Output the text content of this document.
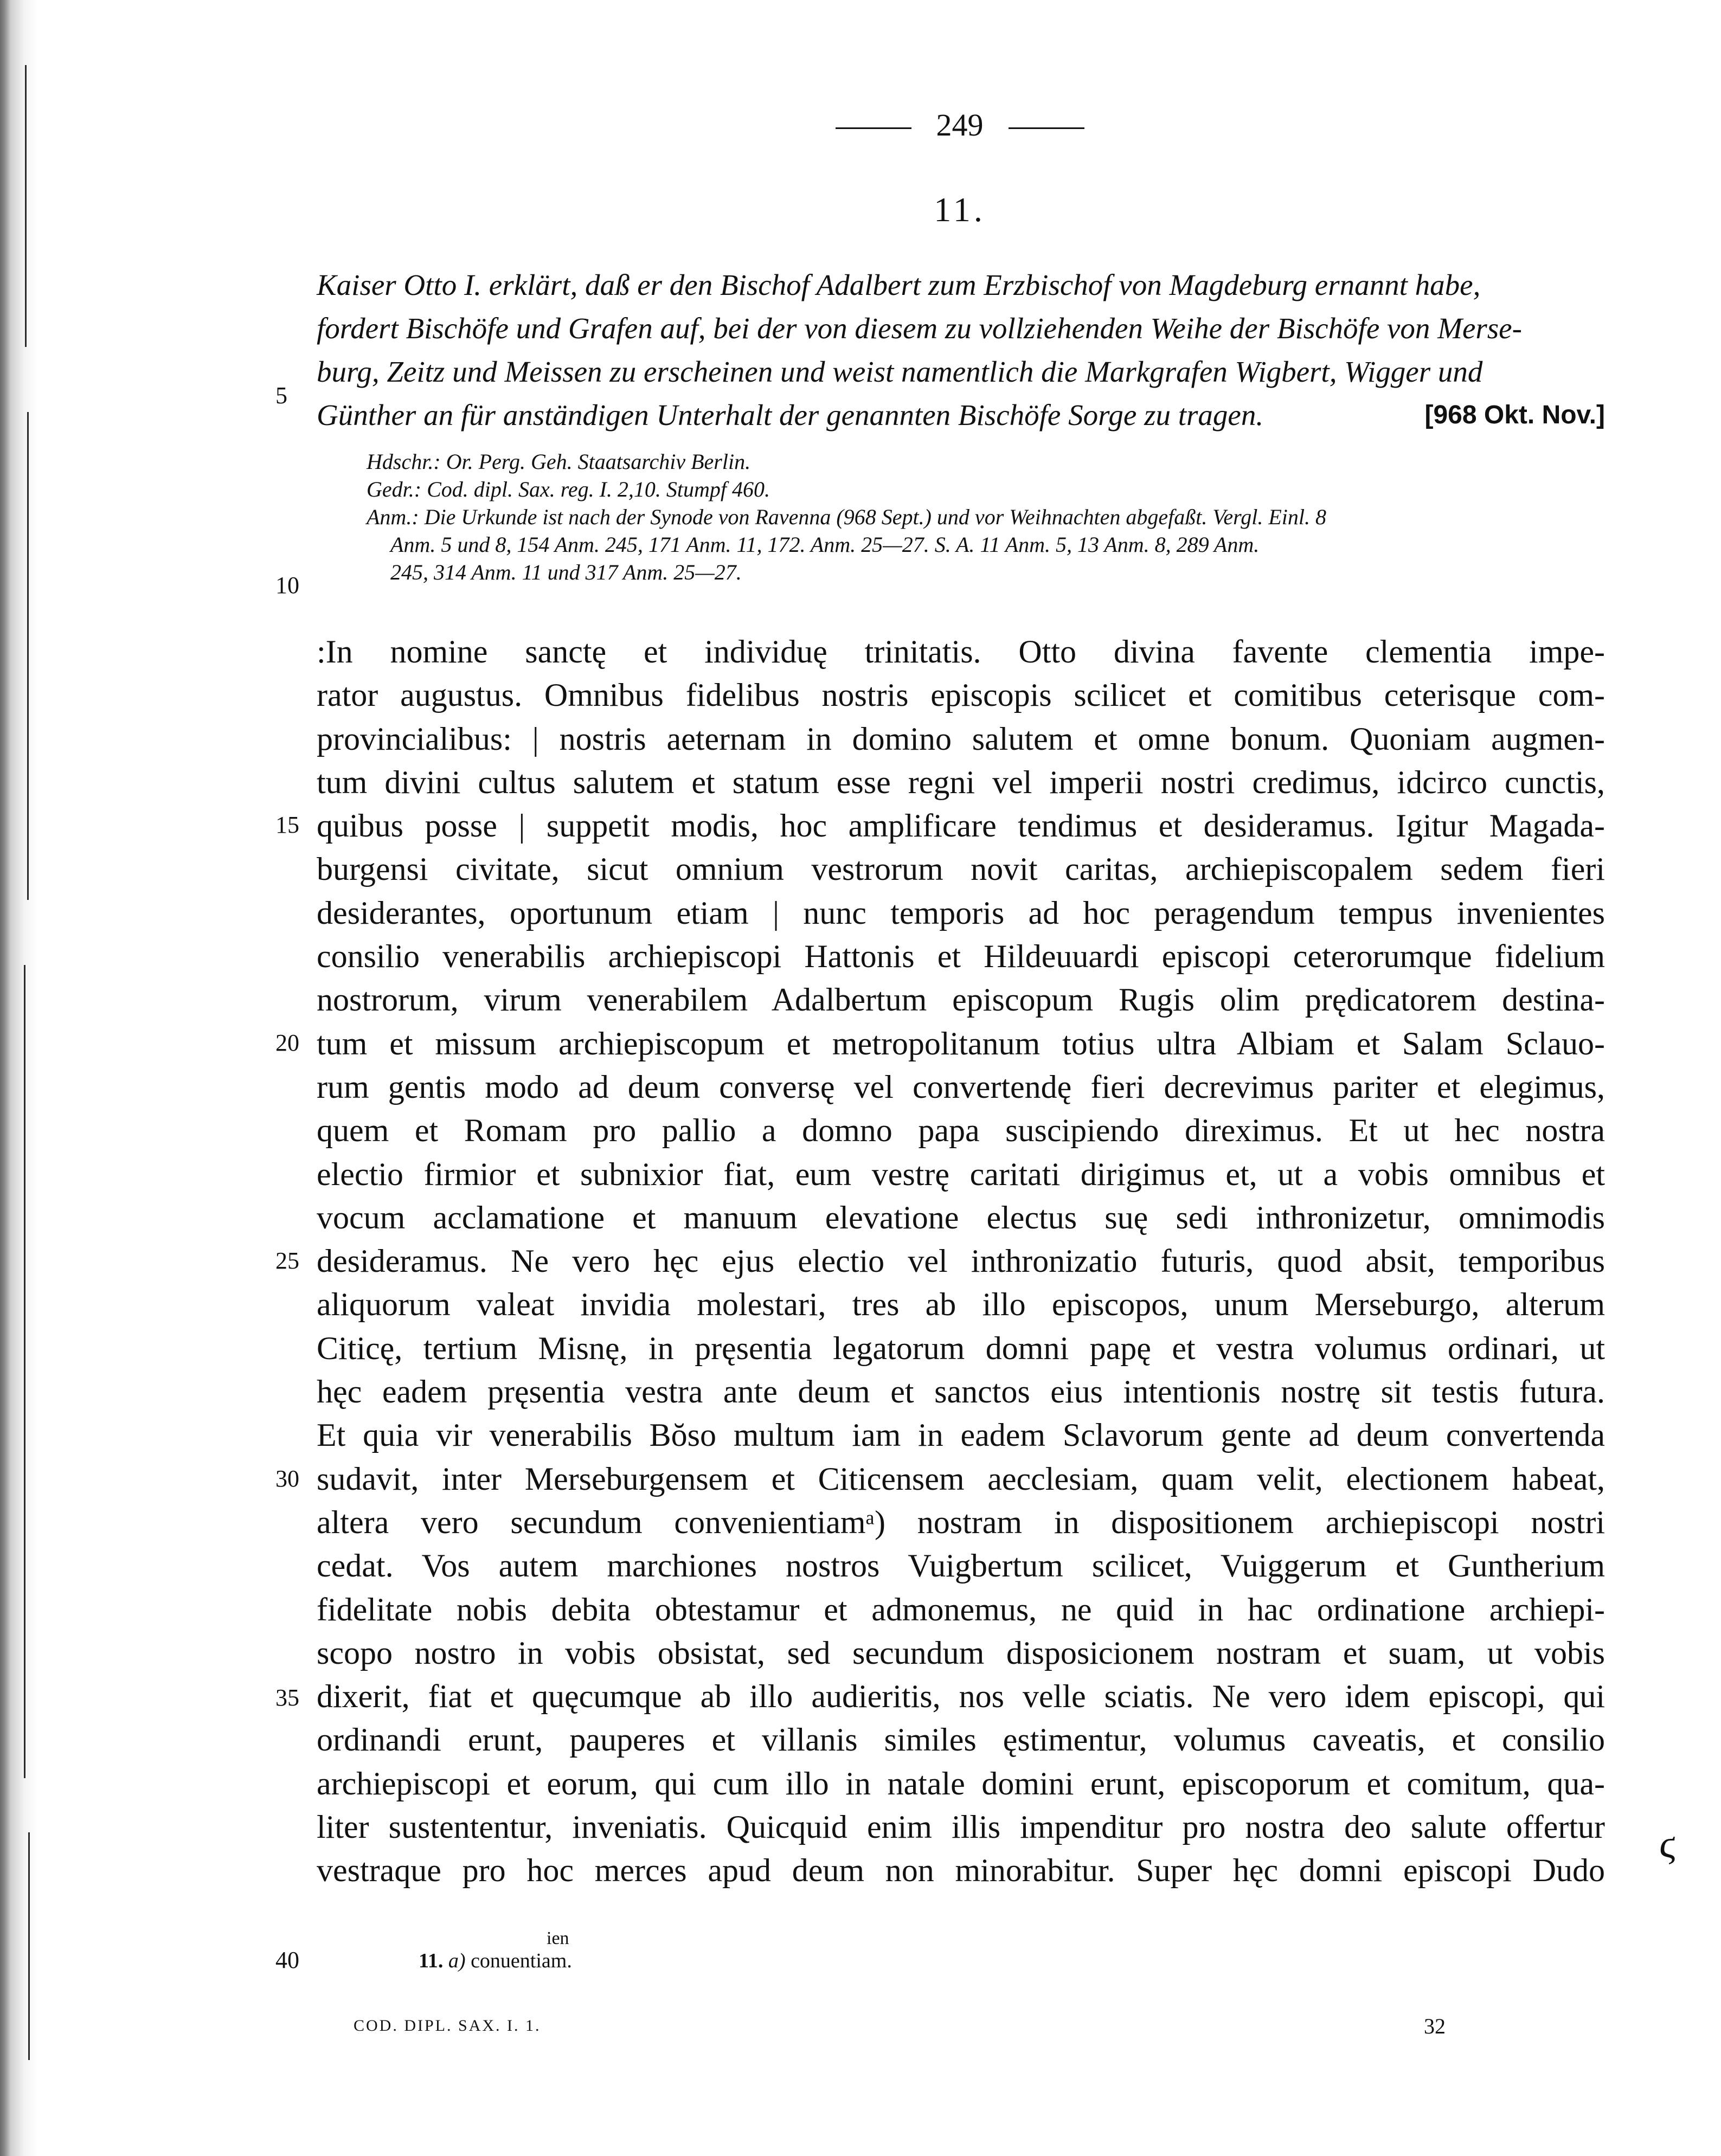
249
11.
Kaiser Otto I. erklärt, daß er den Bischof Adalbert zum Erzbischof von Magdeburg ernannt habe,
fordert Bischöfe und Grafen auf, bei der von diesem zu vollziehenden Weihe der Bischöfe von Merse-
burg, Zeitz und Meissen zu erscheinen und weist namentlich die Markgrafen Wigbert, Wigger und
Günther an für anständigen Unterhalt der genannten Bischöfe Sorge zu tragen.	[968 Okt. Nov.]
Hdschr.: Or. Perg. Geh. Staatsarchiv Berlin.
Gedr.: Cod. dipl. Sax. reg. I. 2,10. Stumpf 460.
Anm.: Die Urkunde ist nach der Synode von Ravenna (968 Sept.) und vor Weihnachten abgefaßt. Vergl. Einl. 8
Anm. 5 und 8, 154 Anm. 245, 171 Anm. 11, 172. Anm. 25—27. S. A. 11 Anm. 5, 13 Anm. 8, 289 Anm.
245, 314 Anm. 11 und 317 Anm. 25—27.
:In nomine sanctę et individuę trinitatis. Otto divina favente clementia impe-
rator augustus. Omnibus fidelibus nostris episcopis scilicet et comitibus ceterisque com-
provincialibus: | nostris aeternam in domino salutem et omne bonum. Quoniam augmen-
tum divini cultus salutem et statum esse regni vel imperii nostri credimus, idcirco cunctis,
quibus posse | suppetit modis, hoc amplificare tendimus et desideramus. Igitur Magada-
burgensi civitate, sicut omnium vestrorum novit caritas, archiepiscopalem sedem fieri
desiderantes, oportunum etiam | nunc temporis ad hoc peragendum tempus invenientes
consilio venerabilis archiepiscopi Hattonis et Hildeuuardi episcopi ceterorumque fidelium
nostrorum, virum venerabilem Adalbertum episcopum Rugis olim prędicatorem destina-
tum et missum archiepiscopum et metropolitanum totius ultra Albiam et Salam Sclauo-
rum gentis modo ad deum conversę vel convertendę fieri decrevimus pariter et elegimus,
quem et Romam pro pallio a domno papa suscipiendo direximus. Et ut hec nostra
electio firmior et subnixior fiat, eum vestrę caritati dirigimus et, ut a vobis omnibus et
vocum acclamatione et manuum elevatione electus suę sedi inthronizetur, omnimodis
desideramus. Ne vero hęc ejus electio vel inthronizatio futuris, quod absit, temporibus
aliquorum valeat invidia molestari, tres ab illo episcopos, unum Merseburgo, alterum
Citicę, tertium Misnę, in pręsentia legatorum domni papę et vestra volumus ordinari, ut
hęc eadem pręsentia vestra ante deum et sanctos eius intentionis nostrę sit testis futura.
Et quia vir venerabilis Bŏso multum iam in eadem Sclavorum gente ad deum convertenda
sudavit, inter Merseburgensem et Citicensem aecclesiam, quam velit, electionem habeat,
altera vero secundum convenientiamᵃ) nostram in dispositionem archiepiscopi nostri
cedat. Vos autem marchiones nostros Vuigbertum scilicet, Vuiggerum et Guntherium
fidelitate nobis debita obtestamur et admonemus, ne quid in hac ordinatione archiepi-
scopo nostro in vobis obsistat, sed secundum disposicionem nostram et suam, ut vobis
dixerit, fiat et quęcumque ab illo audieritis, nos velle sciatis. Ne vero idem episcopi, qui
ordinandi erunt, pauperes et villanis similes ęstimentur, volumus caveatis, et consilio
archiepiscopi et eorum, qui cum illo in natale domini erunt, episcoporum et comitum, qua-
liter sustententur, inveniatis. Quicquid enim illis impenditur pro nostra deo salute offertur
vestraque pro hoc merces apud deum non minorabitur. Super hęc domni episcopi Dudo
5
10
15
20
25
30
35
40
ien
11. a) conuentiam.
COD. DIPL. SAX. I. 1.	32
ϛ
